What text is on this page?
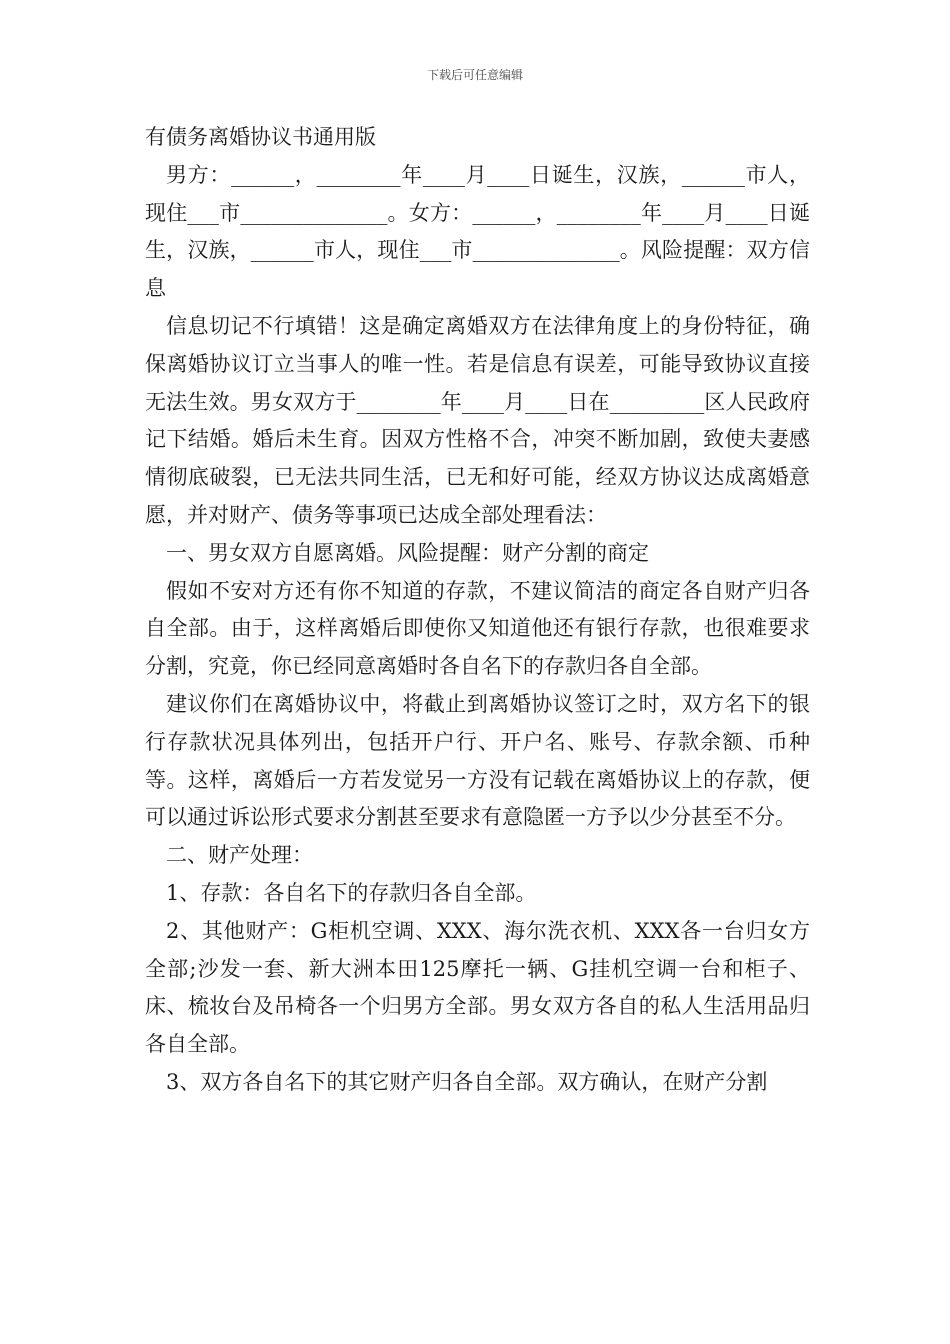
下载后可任意编辑
有债务离婚协议书通用版

男方：______，________年____月____日诞生，汉族，______市人，现住___市______________。女方：______，________年____月____日诞生，汉族，______市人，现住___市______________。风险提醒：双方信息

信息切记不行填错！这是确定离婚双方在法律角度上的身份特征，确保离婚协议订立当事人的唯一性。若是信息有误差，可能导致协议直接无法生效。男女双方于________年____月____日在_________区人民政府记下结婚。婚后未生育。因双方性格不合，冲突不断加剧，致使夫妻感情彻底破裂，已无法共同生活，已无和好可能，经双方协议达成离婚意愿，并对财产、债务等事项已达成全部处理看法：

一、男女双方自愿离婚。风险提醒：财产分割的商定

假如不安对方还有你不知道的存款，不建议简洁的商定各自财产归各自全部。由于，这样离婚后即使你又知道他还有银行存款，也很难要求分割，究竟，你已经同意离婚时各自名下的存款归各自全部。

建议你们在离婚协议中，将截止到离婚协议签订之时，双方名下的银行存款状况具体列出，包括开户行、开户名、账号、存款余额、币种等。这样，离婚后一方若发觉另一方没有记载在离婚协议上的存款，便可以通过诉讼形式要求分割甚至要求有意隐匿一方予以少分甚至不分。

二、财产处理：

1、存款：各自名下的存款归各自全部。

2、其他财产：G柜机空调、XXX、海尔洗衣机、XXX各一台归女方全部;沙发一套、新大洲本田125摩托一辆、G挂机空调一台和柜子、床、梳妆台及吊椅各一个归男方全部。男女双方各自的私人生活用品归各自全部。

3、双方各自名下的其它财产归各自全部。双方确认，在财产分割
